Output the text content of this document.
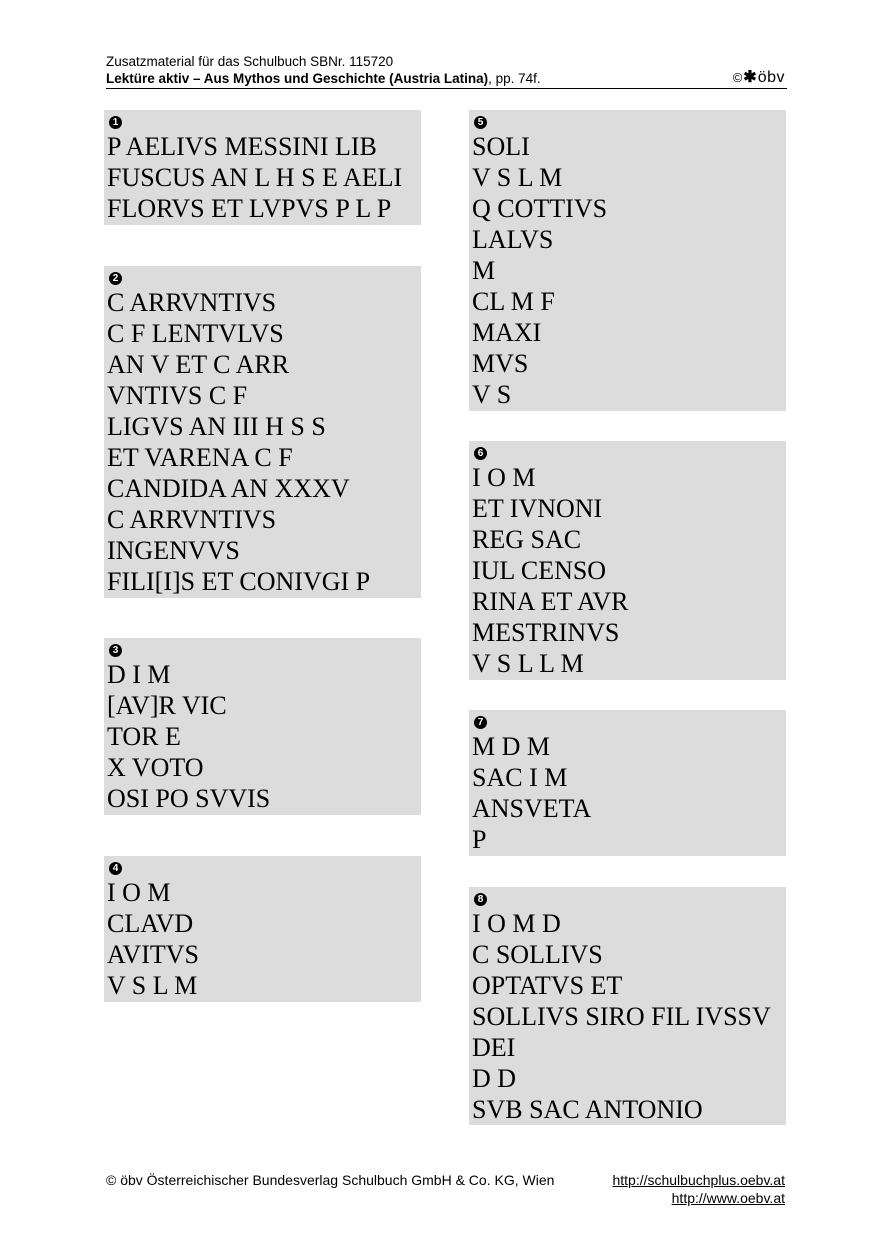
Zusatzmaterial für das Schulbuch SBNr. 115720
Lektüre aktiv – Aus Mythos und Geschichte (Austria Latina), pp. 74f.	© ✱ öbv
1
P AELIVS MESSINI LIB
FUSCUS AN L H S E AELI
FLORVS ET LVPVS P L P
2
C ARRVNTIVS
C F LENTVLVS
AN V ET C ARR
VNTIVS C F
LIGVS AN III H S S
ET VARENA C F
CANDIDA AN XXXV
C ARRVNTIVS
INGENVVS
FILI[I]S ET CONIVGI P
3
D I M
[AV]R VIC
TOR E
X VOTO
OSI PO SVVIS
4
I O M
CLAVD
AVITVS
V S L M
5
SOLI
V S L M
Q COTTIVS
LALVS
M
CL M F
MAXI
MVS
V S
6
I O M
ET IVNONI
REG SAC
IUL CENSO
RINA ET AVR
MESTRINVS
V S L L M
7
M D M
SAC I M
ANSVETA
P
8
I O M D
C SOLLIVS
OPTATVS ET
SOLLIVS SIRO FIL IVSSV
DEI
D D
SVB SAC ANTONIO
© öbv Österreichischer Bundesverlag Schulbuch GmbH & Co. KG, Wien	http://schulbuchplus.oebv.at
http://www.oebv.at
